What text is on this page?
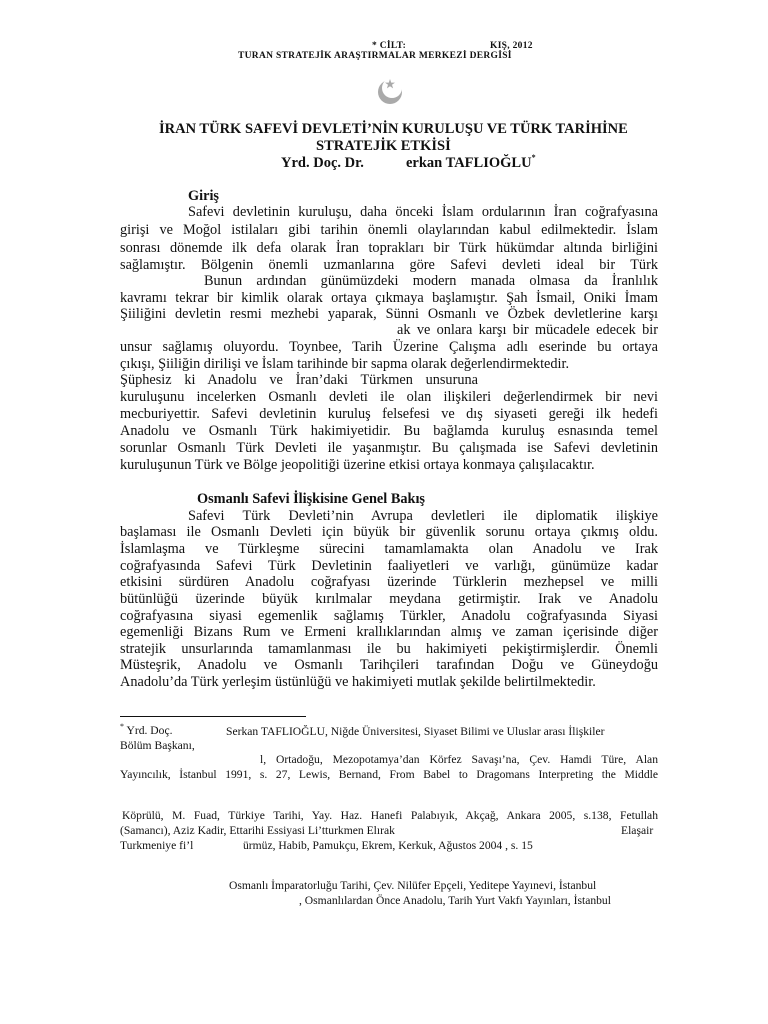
* CİLT:	KIŞ, 2012
TURAN STRATEJİK ARAŞTIRMALAR MERKEZİ DERGİSİ
İRAN TÜRK SAFEVİ DEVLETİ’NİN KURULUŞU VE TÜRK TARİHİNE
STRATEJİK ETKİSİ
Yrd. Doç. Dr.	erkan TAFLIOĞLU*
Giriş
Safevi devletinin kuruluşu, daha önceki İslam ordularının İran coğrafyasına
girişi ve Moğol istilaları gibi tarihin önemli olaylarından kabul edilmektedir. İslam
sonrası dönemde ilk defa olarak İran toprakları bir Türk hükümdar altında birliğini
sağlamıştır. Bölgenin önemli uzmanlarına göre Safevi devleti ideal bir Türk
Bunun ardından günümüzdeki modern manada olmasa da İranlılık
kavramı tekrar bir kimlik olarak ortaya çıkmaya başlamıştır. Şah İsmail, Oniki İmam
Şiiliğini devletin resmi mezhebi yaparak, Sünni Osmanlı ve Özbek devletlerine karşı
ak ve onlara karşı bir mücadele edecek bir
unsur sağlamış oluyordu. Toynbee, Tarih Üzerine Çalışma adlı eserinde bu ortaya
çıkışı, Şiiliğin dirilişi ve İslam tarihinde bir sapma olarak değerlendirmektedir.
Şüphesiz ki Anadolu ve İran’daki Türkmen unsuruna
kuruluşunu incelerken Osmanlı devleti ile olan ilişkileri değerlendirmek bir nevi
mecburiyettir. Safevi devletinin kuruluş felsefesi ve dış siyaseti gereği ilk hedefi
Anadolu ve Osmanlı Türk hakimiyetidir. Bu bağlamda kuruluş esnasında temel
sorunlar Osmanlı Türk Devleti ile yaşanmıştır. Bu çalışmada ise Safevi devletinin
kuruluşunun Türk ve Bölge jeopolitiği üzerine etkisi ortaya konmaya çalışılacaktır.
Osmanlı Safevi İlişkisine Genel Bakış
Safevi Türk Devleti’nin Avrupa devletleri ile diplomatik ilişkiye
başlaması ile Osmanlı Devleti için büyük bir güvenlik sorunu ortaya çıkmış oldu.
İslamlaşma ve Türkleşme sürecini tamamlamakta olan Anadolu ve Irak
coğrafyasında Safevi Türk Devletinin faaliyetleri ve varlığı, günümüze kadar
etkisini sürdüren Anadolu coğrafyası üzerinde Türklerin mezhepsel ve milli
bütünlüğü üzerinde büyük kırılmalar meydana getirmiştir. Irak ve Anadolu
coğrafyasına siyasi egemenlik sağlamış Türkler, Anadolu coğrafyasında Siyasi
egemenliği Bizans Rum ve Ermeni krallıklarından almış ve zaman içerisinde diğer
stratejik unsurlarında tamamlanması ile bu hakimiyeti pekiştirmişlerdir. Önemli
Müsteşrik, Anadolu ve Osmanlı Tarihçileri tarafından Doğu ve Güneydoğu
Anadolu’da Türk yerleşim üstünlüğü ve hakimiyeti mutlak şekilde belirtilmektedir.
* Yrd. Doç.	Serkan TAFLIOĞLU, Niğde Üniversitesi, Siyaset Bilimi ve Uluslar arası İlişkiler
Bölüm Başkanı,
l, Ortadoğu, Mezopotamya’dan Körfez Savaşı’na, Çev. Hamdi Türe, Alan
Yayıncılık, İstanbul 1991, s. 27, Lewis, Bernand, From Babel to Dragomans Interpreting the Middle
Köprülü, M. Fuad, Türkiye Tarihi, Yay. Haz. Hanefi Palabıyık, Akçağ, Ankara 2005, s.138, Fetullah
(Samancı), Aziz Kadir, Ettarihi Essiyasi Li’tturkmen Elırak	Elaşair
Turkmeniye fi’l	ürmüz, Habib, Pamukçu, Ekrem, Kerkuk, Ağustos 2004 , s. 15
Osmanlı İmparatorluğu Tarihi, Çev. Nilüfer Epçeli, Yeditepe Yayınevi, İstanbul
, Osmanlılardan Önce Anadolu, Tarih Yurt Vakfı Yayınları, İstanbul
